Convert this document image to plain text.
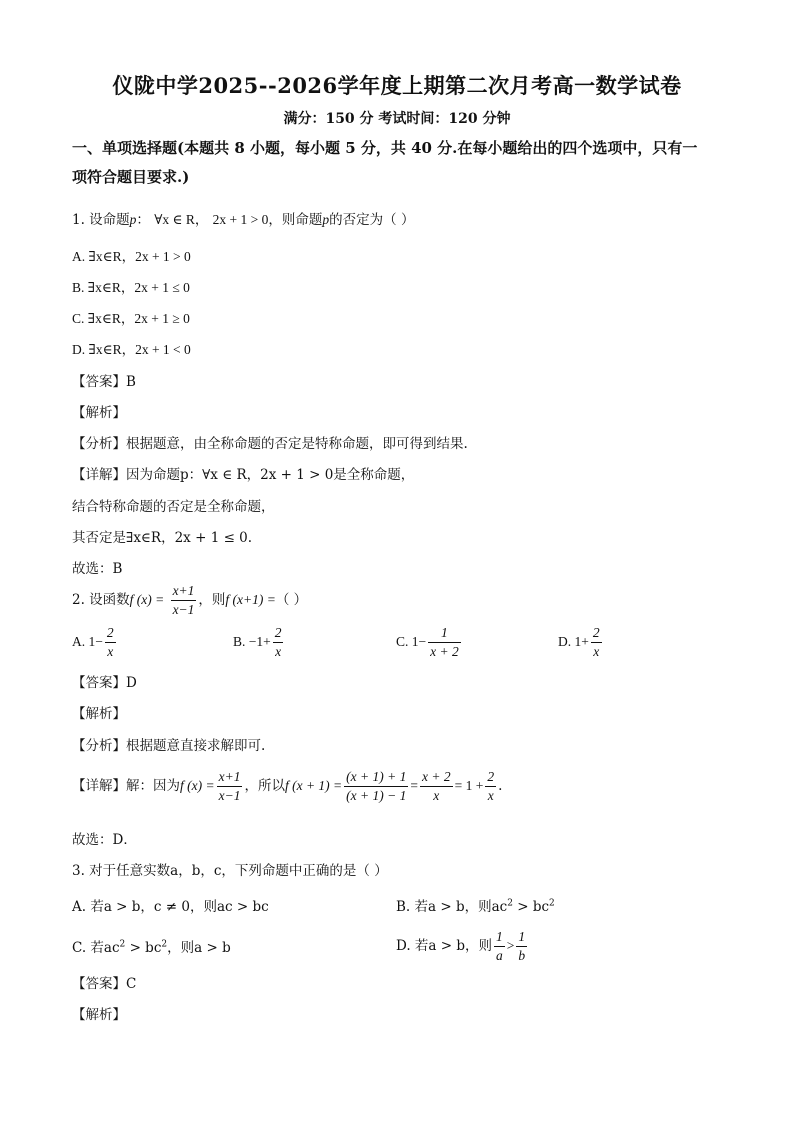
仪陇中学2025--2026学年度上期第二次月考高一数学试卷
满分：150 分 考试时间：120 分钟
一、单项选择题(本题共 8 小题，每小题 5 分，共 40 分.在每小题给出的四个选项中，只有一
项符合题目要求.)
1. 设命题p： ∀x ∈ R， 2x + 1 > 0，则命题p的否定为（ ）
A. ∃x∈R，2x + 1 > 0
B. ∃x∈R，2x + 1 ≤ 0
C. ∃x∈R，2x + 1 ≥ 0
D. ∃x∈R，2x + 1 < 0
【答案】B
【解析】
【分析】根据题意，由全称命题的否定是特称命题，即可得到结果.
【详解】因为命题p：∀x ∈ R，2x + 1 > 0是全称命题，
结合特称命题的否定是全称命题，
其否定是∃x∈R，2x + 1 ≤ 0.
故选：B
2. 设函数f $(x) = \frac{x+1}{x-1}$ ，则f (x+1) =（ ）
A. $1- \frac{2}{x}$	B. $-1+ \frac{2}{x}$	C. $1- \frac{1}{x + 2}$	D. $1+ \frac{2}{x}$
【答案】D
【解析】
【分析】根据题意直接求解即可.
【详解】解：因为f $(x) = \frac{x+1}{x-1}$ ，所以f $(x + 1) = \frac{(x + 1) + 1}{(x + 1) - 1} = \frac{x + 2}{x} = 1 + \frac{2}{x}$ .
故选：D．
3. 对于任意实数a，b，c，下列命题中正确的是（ ）
A. 若a > b，c ≠ 0，则ac > bc	B. 若a > b，则$ac^2 > bc^2$
C. 若$ac^2 > bc^2$，则a > b	D. 若a > b，则 $\frac{1}{a} > \frac{1}{b}$
【答案】C
【解析】
